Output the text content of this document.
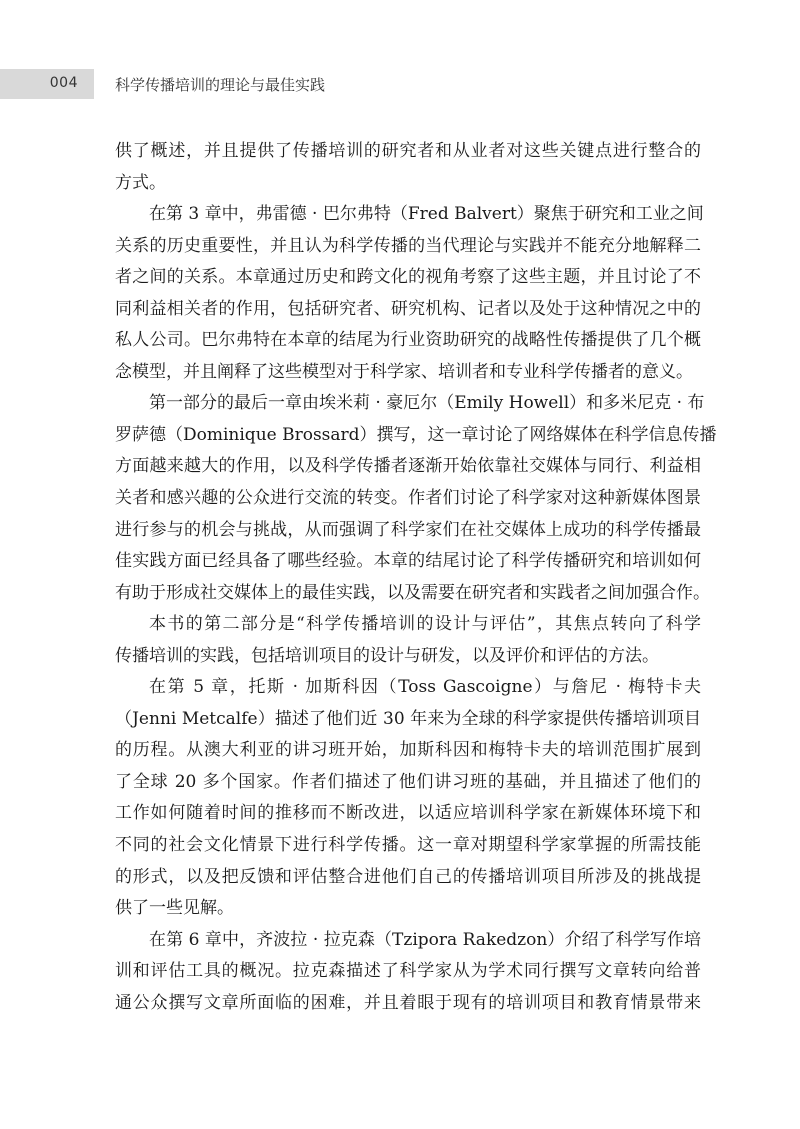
004 科学传播培训的理论与最佳实践
供了概述，并且提供了传播培训的研究者和从业者对这些关键点进行整合的
方式。
在第 3 章中，弗雷德 · 巴尔弗特（Fred Balvert）聚焦于研究和工业之间
关系的历史重要性，并且认为科学传播的当代理论与实践并不能充分地解释二
者之间的关系。本章通过历史和跨文化的视角考察了这些主题，并且讨论了不
同利益相关者的作用，包括研究者、研究机构、记者以及处于这种情况之中的
私人公司。巴尔弗特在本章的结尾为行业资助研究的战略性传播提供了几个概
念模型，并且阐释了这些模型对于科学家、培训者和专业科学传播者的意义。
第一部分的最后一章由埃米莉 · 豪厄尔（Emily Howell）和多米尼克 · 布
罗萨德（Dominique Brossard）撰写，这一章讨论了网络媒体在科学信息传播
方面越来越大的作用，以及科学传播者逐渐开始依靠社交媒体与同行、利益相
关者和感兴趣的公众进行交流的转变。作者们讨论了科学家对这种新媒体图景
进行参与的机会与挑战，从而强调了科学家们在社交媒体上成功的科学传播最
佳实践方面已经具备了哪些经验。本章的结尾讨论了科学传播研究和培训如何
有助于形成社交媒体上的最佳实践，以及需要在研究者和实践者之间加强合作。
本书的第二部分是“科学传播培训的设计与评估”，其焦点转向了科学
传播培训的实践，包括培训项目的设计与研发，以及评价和评估的方法。
在第 5 章，托斯 · 加斯科因（Toss Gascoigne）与詹尼 · 梅特卡夫
（Jenni Metcalfe）描述了他们近 30 年来为全球的科学家提供传播培训项目
的历程。从澳大利亚的讲习班开始，加斯科因和梅特卡夫的培训范围扩展到
了全球 20 多个国家。作者们描述了他们讲习班的基础，并且描述了他们的
工作如何随着时间的推移而不断改进，以适应培训科学家在新媒体环境下和
不同的社会文化情景下进行科学传播。这一章对期望科学家掌握的所需技能
的形式，以及把反馈和评估整合进他们自己的传播培训项目所涉及的挑战提
供了一些见解。
在第 6 章中，齐波拉 · 拉克森（Tzipora Rakedzon）介绍了科学写作培
训和评估工具的概况。拉克森描述了科学家从为学术同行撰写文章转向给普
通公众撰写文章所面临的困难，并且着眼于现有的培训项目和教育情景带来
